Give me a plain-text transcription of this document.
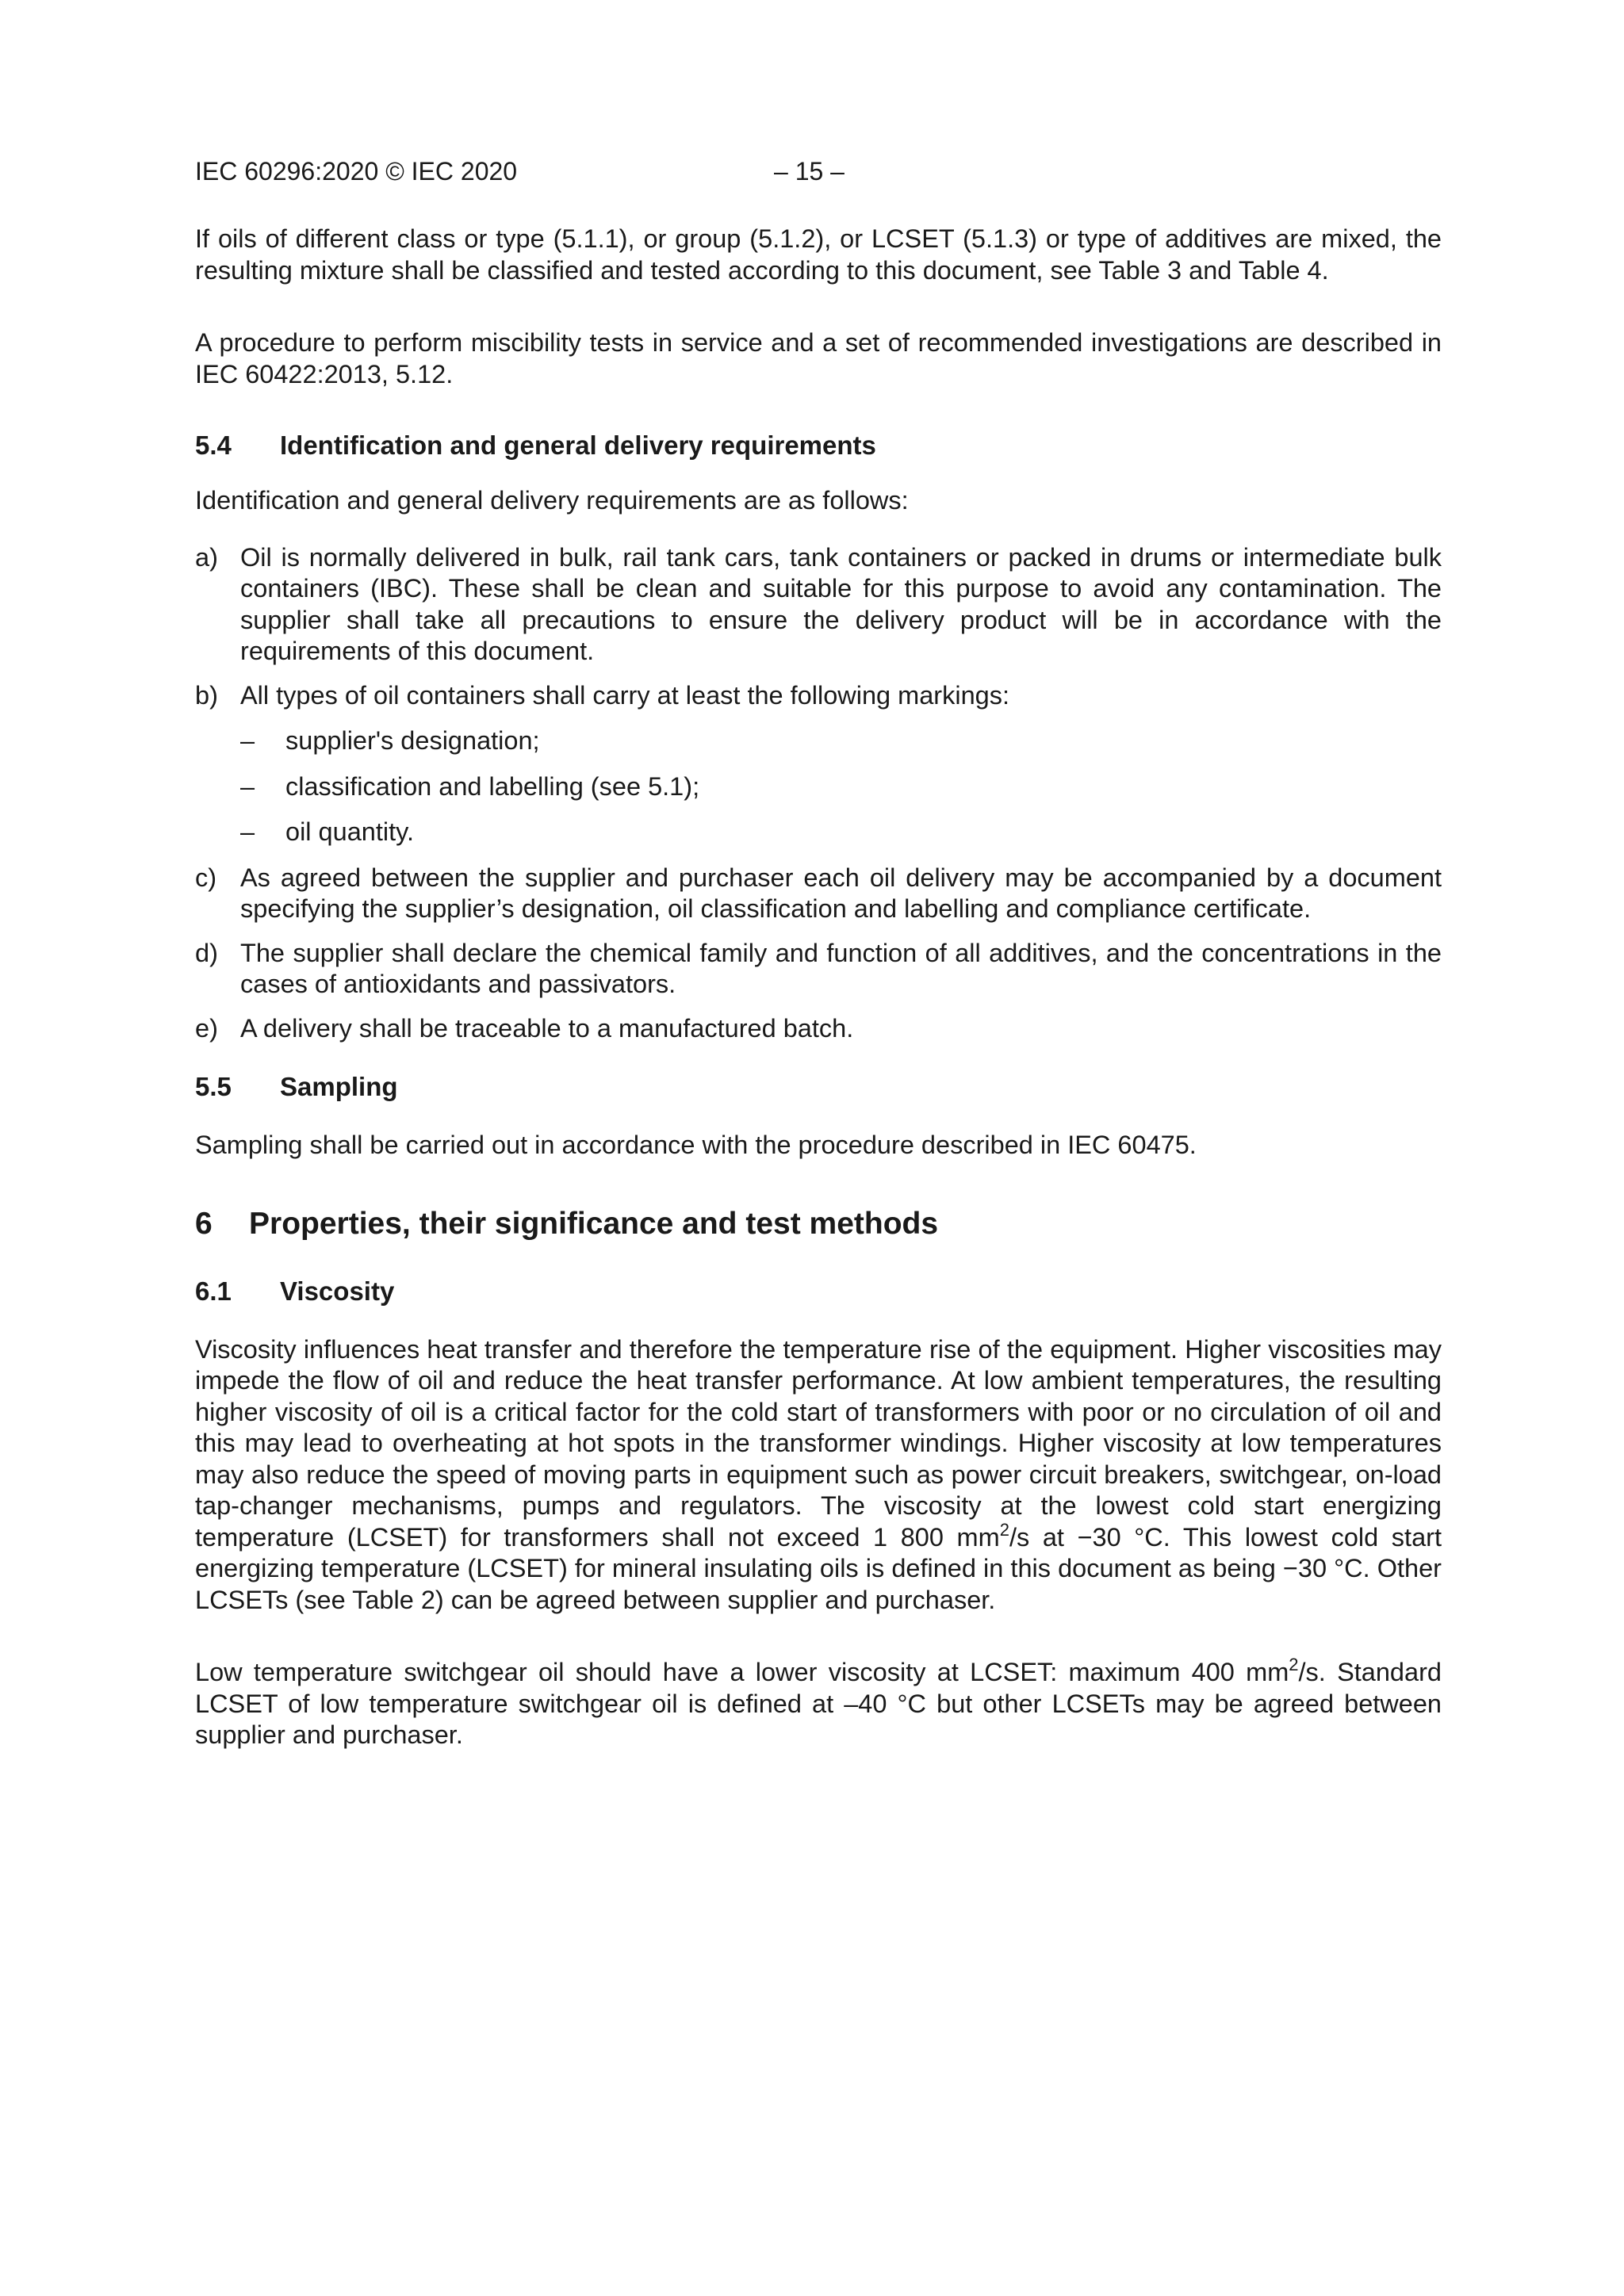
IEC 60296:2020 © IEC 2020	– 15 –

If oils of different class or type (5.1.1), or group (5.1.2), or LCSET (5.1.3) or type of additives are mixed, the resulting mixture shall be classified and tested according to this document, see Table 3 and Table 4.

A procedure to perform miscibility tests in service and a set of recommended investigations are described in IEC 60422:2013, 5.12.

5.4 Identification and general delivery requirements

Identification and general delivery requirements are as follows:

a) Oil is normally delivered in bulk, rail tank cars, tank containers or packed in drums or intermediate bulk containers (IBC). These shall be clean and suitable for this purpose to avoid any contamination. The supplier shall take all precautions to ensure the delivery product will be in accordance with the requirements of this document.
b) All types of oil containers shall carry at least the following markings:
– supplier's designation;
– classification and labelling (see 5.1);
– oil quantity.
c) As agreed between the supplier and purchaser each oil delivery may be accompanied by a document specifying the supplier’s designation, oil classification and labelling and compliance certificate.
d) The supplier shall declare the chemical family and function of all additives, and the concentrations in the cases of antioxidants and passivators.
e) A delivery shall be traceable to a manufactured batch.
5.5 Sampling

Sampling shall be carried out in accordance with the procedure described in IEC 60475.

6 Properties, their significance and test methods
6.1 Viscosity

Viscosity influences heat transfer and therefore the temperature rise of the equipment. Higher viscosities may impede the flow of oil and reduce the heat transfer performance. At low ambient temperatures, the resulting higher viscosity of oil is a critical factor for the cold start of transformers with poor or no circulation of oil and this may lead to overheating at hot spots in the transformer windings. Higher viscosity at low temperatures may also reduce the speed of moving parts in equipment such as power circuit breakers, switchgear, on-load tap-changer mechanisms, pumps and regulators. The viscosity at the lowest cold start energizing temperature (LCSET) for transformers shall not exceed 1 800 $mm^2/s$ at −30 °C. This lowest cold start energizing temperature (LCSET) for mineral insulating oils is defined in this document as being −30 °C. Other LCSETs (see Table 2) can be agreed between supplier and purchaser.

Low temperature switchgear oil should have a lower viscosity at LCSET: maximum 400 $mm^2/s$. Standard LCSET of low temperature switchgear oil is defined at –40 °C but other LCSETs may be agreed between supplier and purchaser.
